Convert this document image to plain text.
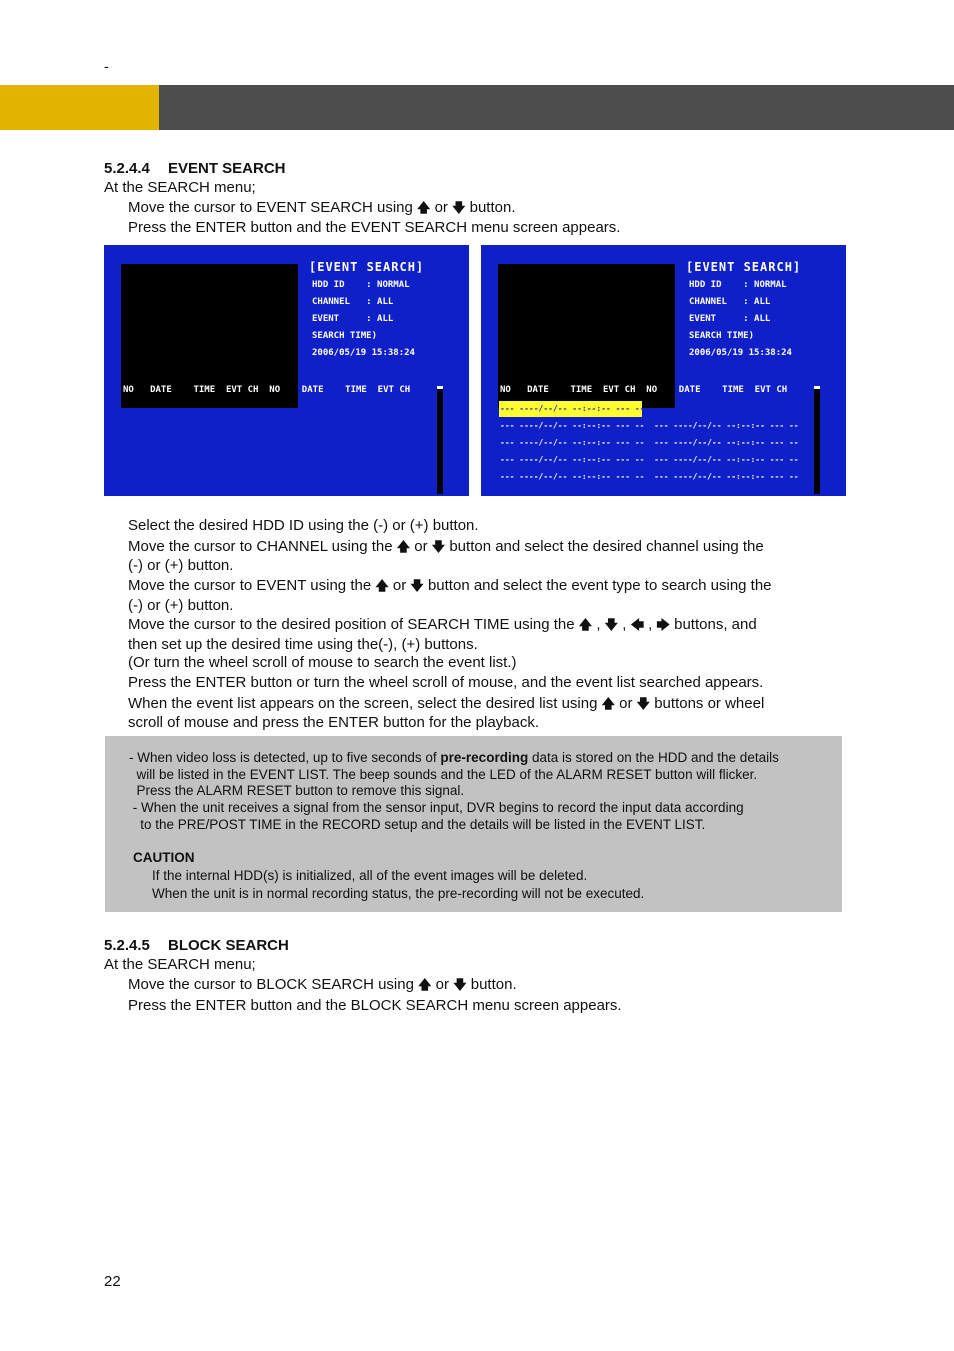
-
5.2.4.4 EVENT SEARCH
At the SEARCH menu;
Move the cursor to EVENT SEARCH using 🡅 or 🡇 button.
Press the ENTER button and the EVENT SEARCH menu screen appears.
[EVENT SEARCH]
HDD ID    : NORMAL
CHANNEL   : ALL
EVENT     : ALL
SEARCH TIME)
2006/05/19 15:38:24
NO   DATE    TIME  EVT CH  NO    DATE    TIME  EVT CH
[EVENT SEARCH]
HDD ID    : NORMAL
CHANNEL   : ALL
EVENT     : ALL
SEARCH TIME)
2006/05/19 15:38:24
NO   DATE    TIME  EVT CH  NO    DATE    TIME  EVT CH
--- ----/--/-- --:--:-- --- --  --- ----/--/-- --:--:-- --- --
--- ----/--/-- --:--:-- --- --  --- ----/--/-- --:--:-- --- --
--- ----/--/-- --:--:-- --- --  --- ----/--/-- --:--:-- --- --
--- ----/--/-- --:--:-- --- --  --- ----/--/-- --:--:-- --- --
--- ----/--/-- --:--:-- --- --  --- ----/--/-- --:--:-- --- --
Select the desired HDD ID using the (-) or (+) button.
Move the cursor to CHANNEL using the 🡅 or 🡇 button and select the desired channel using the
(-) or (+) button.
Move the cursor to EVENT using the 🡅 or 🡇 button and select the event type to search using the
(-) or (+) button.
Move the cursor to the desired position of SEARCH TIME using the 🡅 , 🡇 , 🡄 , 🡆 buttons, and
then set up the desired time using the(-), (+) buttons.
(Or turn the wheel scroll of mouse to search the event list.)
Press the ENTER button or turn the wheel scroll of mouse, and the event list searched appears.
When the event list appears on the screen, select the desired list using 🡅 or 🡇 buttons or wheel
scroll of mouse and press the ENTER button for the playback.
- When video loss is detected, up to five seconds of pre-recording data is stored on the HDD and the details
will be listed in the EVENT LIST. The beep sounds and the LED of the ALARM RESET button will flicker.
Press the ALARM RESET button to remove this signal.
- When the unit receives a signal from the sensor input, DVR begins to record the input data according
to the PRE/POST TIME in the RECORD setup and the details will be listed in the EVENT LIST.
CAUTION
If the internal HDD(s) is initialized, all of the event images will be deleted.
When the unit is in normal recording status, the pre-recording will not be executed.
5.2.4.5 BLOCK SEARCH
At the SEARCH menu;
Move the cursor to BLOCK SEARCH using 🡅 or 🡇 button.
Press the ENTER button and the BLOCK SEARCH menu screen appears.
22
